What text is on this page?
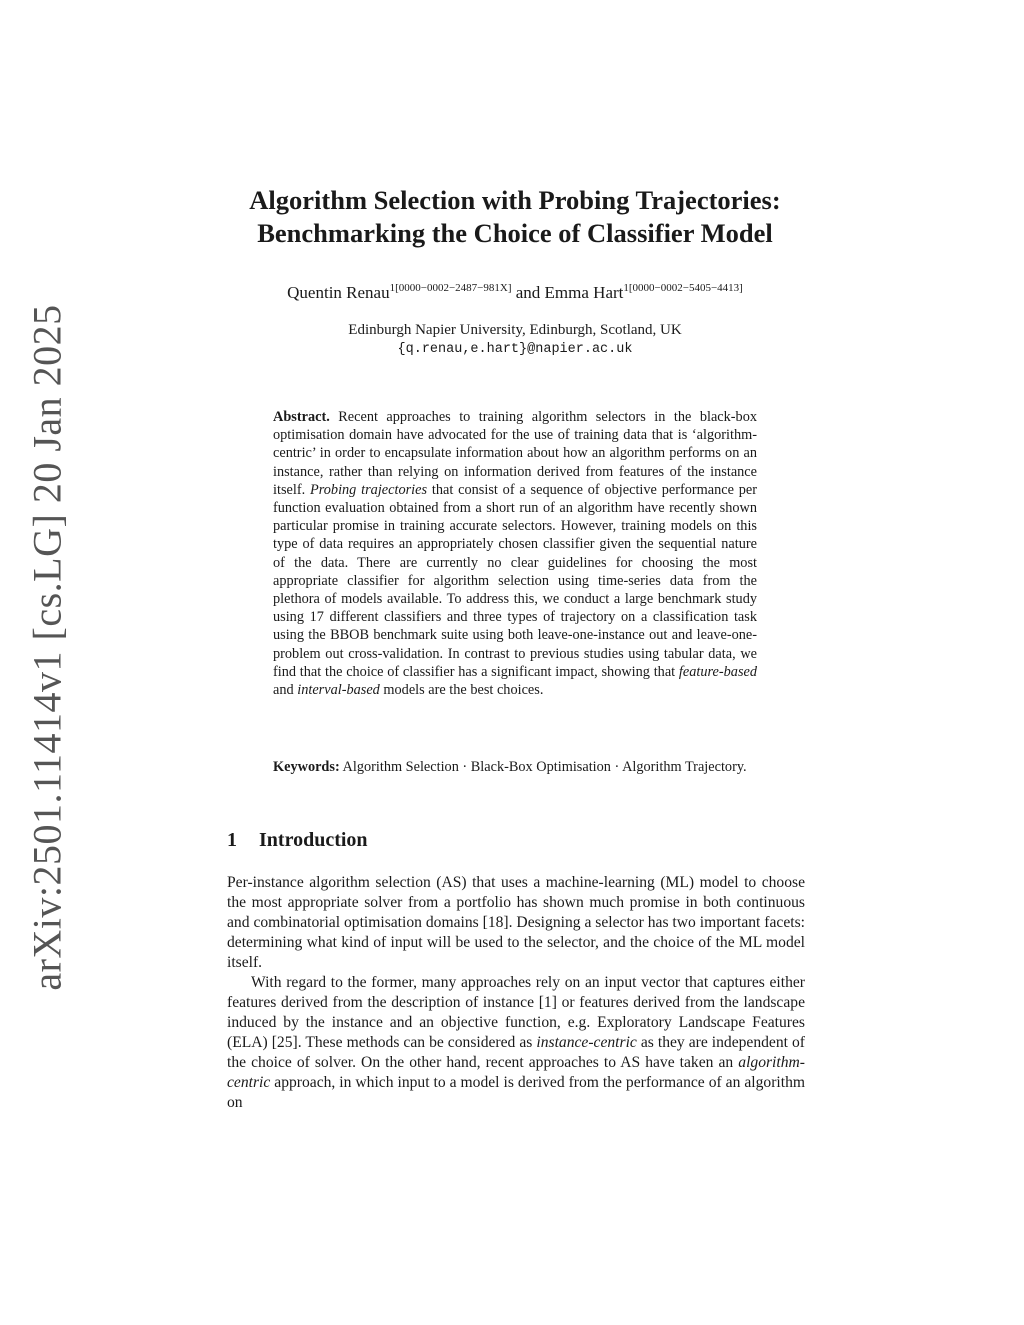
arXiv:2501.11414v1 [cs.LG] 20 Jan 2025
Algorithm Selection with Probing Trajectories:
Benchmarking the Choice of Classifier Model
Quentin Renau$^{1[0000-0002-2487-981X]}$ and Emma Hart$^{1[0000-0002-5405-4413]}$
Edinburgh Napier University, Edinburgh, Scotland, UK
{q.renau,e.hart}@napier.ac.uk
Abstract. Recent approaches to training algorithm selectors in the black-box optimisation domain have advocated for the use of training data that is ‘algorithm-centric’ in order to encapsulate information about how an algorithm performs on an instance, rather than relying on information derived from features of the instance itself. Probing trajectories that consist of a sequence of objective performance per function evaluation obtained from a short run of an algorithm have recently shown particular promise in training accurate selectors. However, training models on this type of data requires an appropriately chosen classifier given the sequential nature of the data. There are currently no clear guidelines for choosing the most appropriate classifier for algorithm selection using time-series data from the plethora of models available. To address this, we conduct a large benchmark study using 17 different classifiers and three types of trajectory on a classification task using the BBOB benchmark suite using both leave-one-instance out and leave-one-problem out cross-validation. In contrast to previous studies using tabular data, we find that the choice of classifier has a significant impact, showing that feature-based and interval-based models are the best choices.
Keywords: Algorithm Selection · Black-Box Optimisation · Algorithm Trajectory.
1 Introduction

Per-instance algorithm selection (AS) that uses a machine-learning (ML) model to choose the most appropriate solver from a portfolio has shown much promise in both continuous and combinatorial optimisation domains [18]. Designing a selector has two important facets: determining what kind of input will be used to the selector, and the choice of the ML model itself.

With regard to the former, many approaches rely on an input vector that captures either features derived from the description of instance [1] or features derived from the landscape induced by the instance and an objective function, e.g. Exploratory Landscape Features (ELA) [25]. These methods can be considered as instance-centric as they are independent of the choice of solver. On the other hand, recent approaches to AS have taken an algorithm-centric approach, in which input to a model is derived from the performance of an algorithm on
